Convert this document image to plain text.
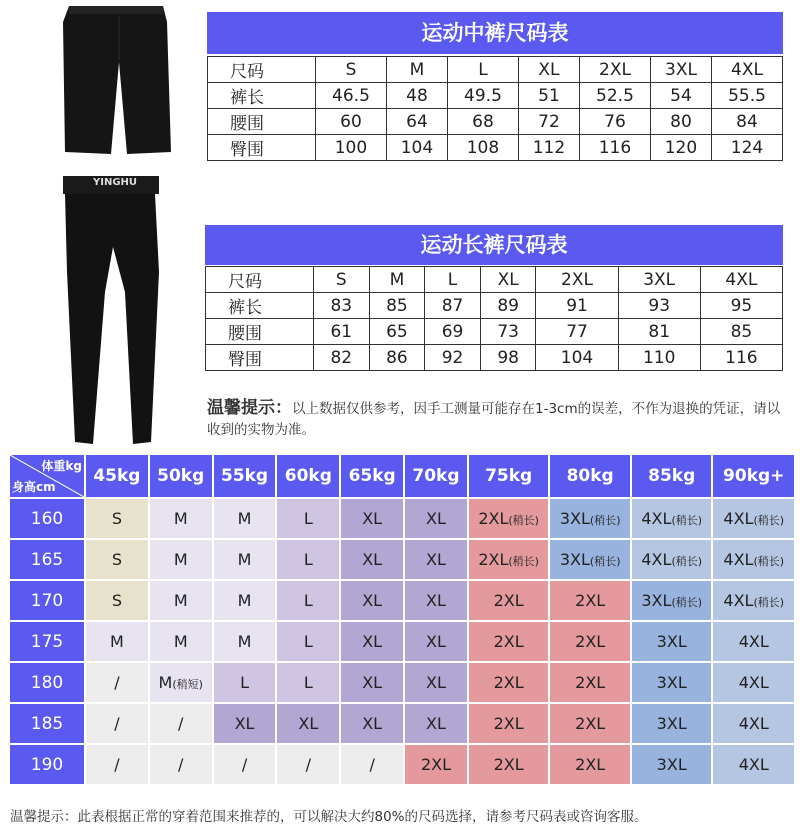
YINGHU
运动中裤尺码表
尺码	S	M	L	XL	2XL	3XL	4XL
裤长	46.5	48	49.5	51	52.5	54	55.5
腰围	60	64	68	72	76	80	84
臀围	100	104	108	112	116	120	124
运动长裤尺码表
尺码	S	M	L	XL	2XL	3XL	4XL
裤长	83	85	87	89	91	93	95
腰围	61	65	69	73	77	81	85
臀围	82	86	92	98	104	110	116
温馨提示：以上数据仅供参考，因手工测量可能存在1-3cm的误差，不作为退换的凭证，请以收到的实物为准。
体重kg
身高cm	45kg	50kg	55kg	60kg	65kg	70kg	75kg	80kg	85kg	90kg+
160	S	M	M	L	XL	XL	2XL(稍长)	3XL(稍长)	4XL(稍长)	4XL(稍长)
165	S	M	M	L	XL	XL	2XL(稍长)	3XL(稍长)	4XL(稍长)	4XL(稍长)
170	S	M	M	L	XL	XL	2XL	2XL	3XL(稍长)	4XL(稍长)
175	M	M	M	L	XL	XL	2XL	2XL	3XL	4XL
180	/	M(稍短)	L	L	XL	XL	2XL	2XL	3XL	4XL
185	/	/	XL	XL	XL	XL	2XL	2XL	3XL	4XL
190	/	/	/	/	/	2XL	2XL	2XL	3XL	4XL
温馨提示：此表根据正常的穿着范围来推荐的，可以解决大约80%的尺码选择，请参考尺码表或咨询客服。
